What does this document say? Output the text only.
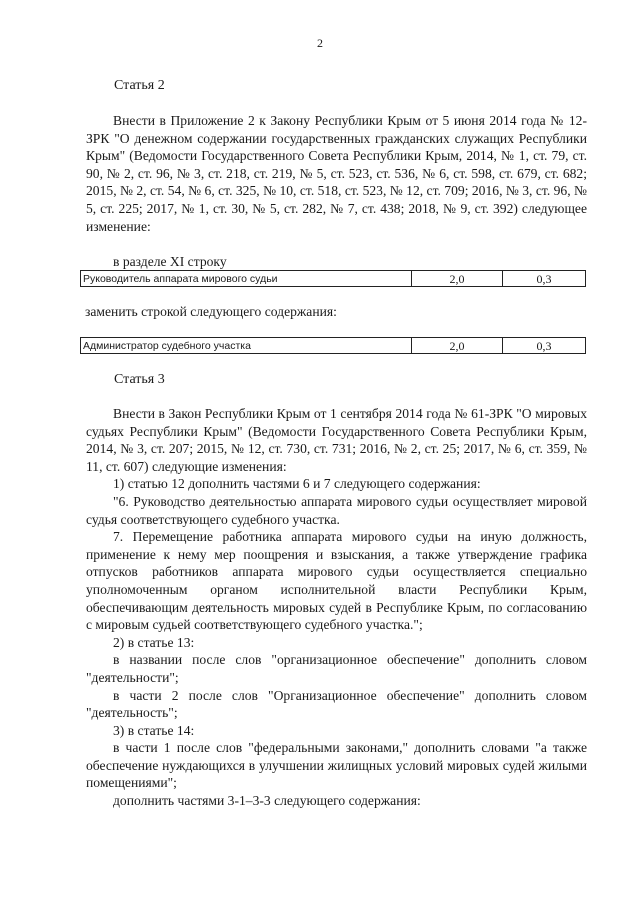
2
Статья 2

Внести в Приложение 2 к Закону Республики Крым от 5 июня 2014 года № 12-ЗРК "О денежном содержании государственных гражданских служащих Республики Крым" (Ведомости Государственного Совета Республики Крым, 2014, № 1, ст. 79, ст. 90, № 2, ст. 96, № 3, ст. 218, ст. 219, № 5, ст. 523, ст. 536, № 6, ст. 598, ст. 679, ст. 682; 2015, № 2, ст. 54, № 6, ст. 325, № 10, ст. 518, ст. 523, № 12, ст. 709; 2016, № 3, ст. 96, № 5, ст. 225; 2017, № 1, ст. 30, № 5, ст. 282, № 7, ст. 438; 2018, № 9, ст. 392) следующее изменение:

в разделе XI строку
Руководитель аппарата мирового судьи	2,0	0,3
заменить строкой следующего содержания:
Администратор судебного участка	2,0	0,3
Статья 3

Внести в Закон Республики Крым от 1 сентября 2014 года № 61-ЗРК "О мировых судьях Республики Крым" (Ведомости Государственного Совета Республики Крым, 2014, № 3, ст. 207; 2015, № 12, ст. 730, ст. 731; 2016, № 2, ст. 25; 2017, № 6, ст. 359, № 11, ст. 607) следующие изменения:

1) статью 12 дополнить частями 6 и 7 следующего содержания:

"6. Руководство деятельностью аппарата мирового судьи осуществляет мировой судья соответствующего судебного участка.

7. Перемещение работника аппарата мирового судьи на иную должность, применение к нему мер поощрения и взыскания, а также утверждение графика отпусков работников аппарата мирового судьи осуществляется специально уполномоченным органом исполнительной власти Республики Крым, обеспечивающим деятельность мировых судей в Республике Крым, по согласованию с мировым судьей соответствующего судебного участка.";

2) в статье 13:

в названии после слов "организационное обеспечение" дополнить словом "деятельности";

в части 2 после слов "Организационное обеспечение" дополнить словом "деятельность";

3) в статье 14:

в части 1 после слов "федеральными законами," дополнить словами "а также обеспечение нуждающихся в улучшении жилищных условий мировых судей жилыми помещениями";

дополнить частями 3-1–3-3 следующего содержания:
